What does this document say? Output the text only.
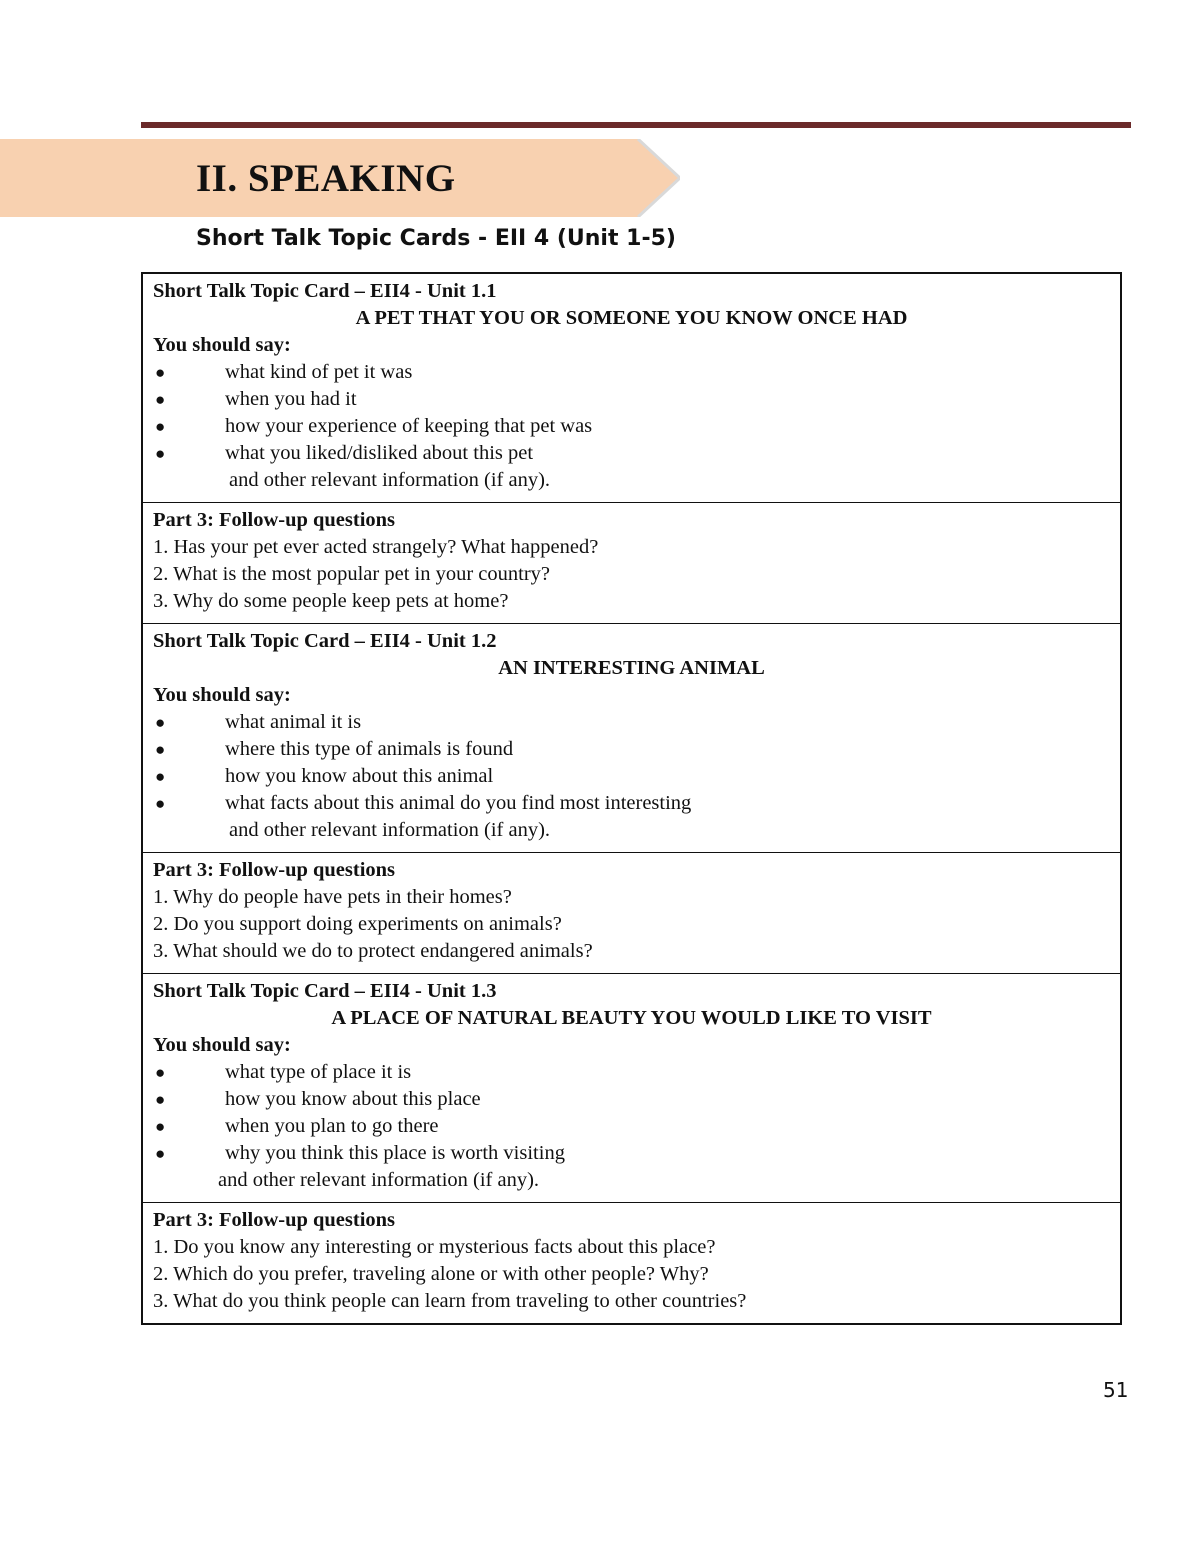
II. SPEAKING
Short Talk Topic Cards - EII 4 (Unit 1-5)
Short Talk Topic Card – EII4 - Unit 1.1
A PET THAT YOU OR SOMEONE YOU KNOW ONCE HAD
You should say:
●	what kind of pet it was
●	when you had it
●	how your experience of keeping that pet was
●	what you liked/disliked about this pet
and other relevant information (if any).

Part 3: Follow-up questions
1. Has your pet ever acted strangely? What happened?
2. What is the most popular pet in your country?
3. Why do some people keep pets at home?

Short Talk Topic Card – EII4 - Unit 1.2
AN INTERESTING ANIMAL
You should say:
●	what animal it is
●	where this type of animals is found
●	how you know about this animal
●	what facts about this animal do you find most interesting
and other relevant information (if any).

Part 3: Follow-up questions
1. Why do people have pets in their homes?
2. Do you support doing experiments on animals?
3. What should we do to protect endangered animals?

Short Talk Topic Card – EII4 - Unit 1.3
A PLACE OF NATURAL BEAUTY YOU WOULD LIKE TO VISIT
You should say:
●	what type of place it is
●	how you know about this place
●	when you plan to go there
●	why you think this place is worth visiting
and other relevant information (if any).

Part 3: Follow-up questions
1. Do you know any interesting or mysterious facts about this place?
2. Which do you prefer, traveling alone or with other people? Why?
3. What do you think people can learn from traveling to other countries?
51
